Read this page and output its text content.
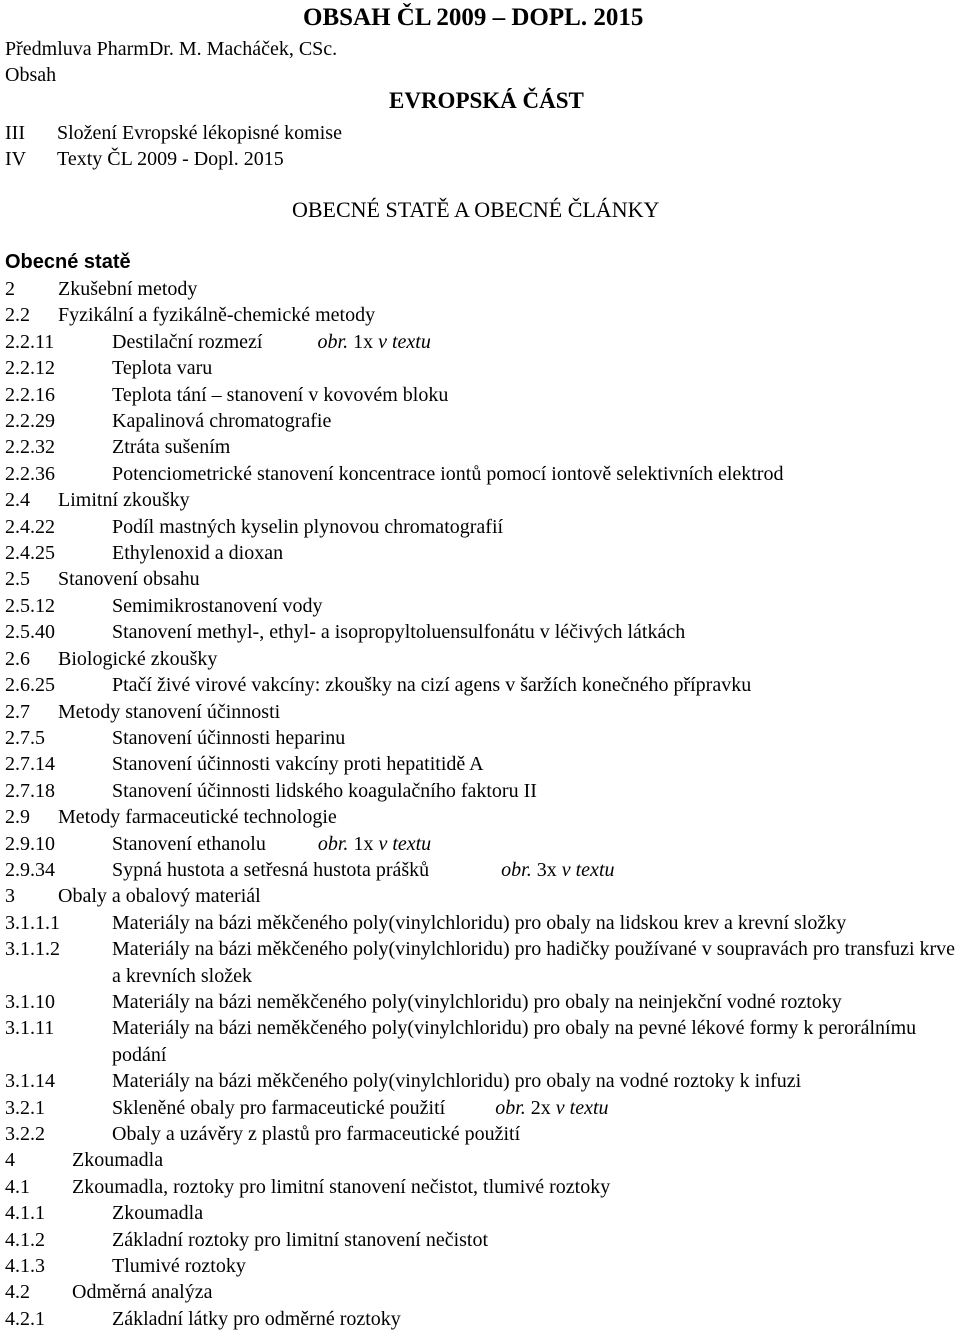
OBSAH ČL 2009 – DOPL. 2015
Předmluva PharmDr. M. Macháček, CSc.
Obsah
EVROPSKÁ ČÁST
III Složení Evropské lékopisné komise
IV Texty ČL 2009 - Dopl. 2015
OBECNÉ STATĚ A OBECNÉ ČLÁNKY
Obecné statě
2	Zkušební metody
2.2	Fyzikální a fyzikálně-chemické metody
2.2.11	Destilační rozmezí	obr. 1x v textu
2.2.12	Teplota varu
2.2.16	Teplota tání – stanovení v kovovém bloku
2.2.29	Kapalinová chromatografie
2.2.32	Ztráta sušením
2.2.36	Potenciometrické stanovení koncentrace iontů pomocí iontově selektivních elektrod
2.4	Limitní zkoušky
2.4.22	Podíl mastných kyselin plynovou chromatografií
2.4.25	Ethylenoxid a dioxan
2.5	Stanovení obsahu
2.5.12	Semimikrostanovení vody
2.5.40	Stanovení methyl-, ethyl- a isopropyltoluensulfonátu v léčivých látkách
2.6	Biologické zkoušky
2.6.25	Ptačí živé virové vakcíny: zkoušky na cizí agens v šaržích konečného přípravku
2.7	Metody stanovení účinnosti
2.7.5	Stanovení účinnosti heparinu
2.7.14	Stanovení účinnosti vakcíny proti hepatitidě A
2.7.18	Stanovení účinnosti lidského koagulačního faktoru II
2.9	Metody farmaceutické technologie
2.9.10	Stanovení ethanolu	obr. 1x v textu
2.9.34	Sypná hustota a setřesná hustota prášků	obr. 3x v textu
3	Obaly a obalový materiál
3.1.1.1	Materiály na bázi měkčeného poly(vinylchloridu) pro obaly na lidskou krev a krevní složky
3.1.1.2	Materiály na bázi měkčeného poly(vinylchloridu) pro hadičky používané v soupravách pro transfuzi krve a krevních složek
3.1.10	Materiály na bázi neměkčeného poly(vinylchloridu) pro obaly na neinjekční vodné roztoky
3.1.11	Materiály na bázi neměkčeného poly(vinylchloridu) pro obaly na pevné lékové formy k perorálnímu podání
3.1.14	Materiály na bázi měkčeného poly(vinylchloridu) pro obaly na vodné roztoky k infuzi
3.2.1	Skleněné obaly pro farmaceutické použití	obr. 2x v textu
3.2.2	Obaly a uzávěry z plastů pro farmaceutické použití
4	Zkoumadla
4.1	Zkoumadla, roztoky pro limitní stanovení nečistot, tlumivé roztoky
4.1.1	Zkoumadla
4.1.2	Základní roztoky pro limitní stanovení nečistot
4.1.3	Tlumivé roztoky
4.2	Odměrná analýza
4.2.1	Základní látky pro odměrné roztoky
